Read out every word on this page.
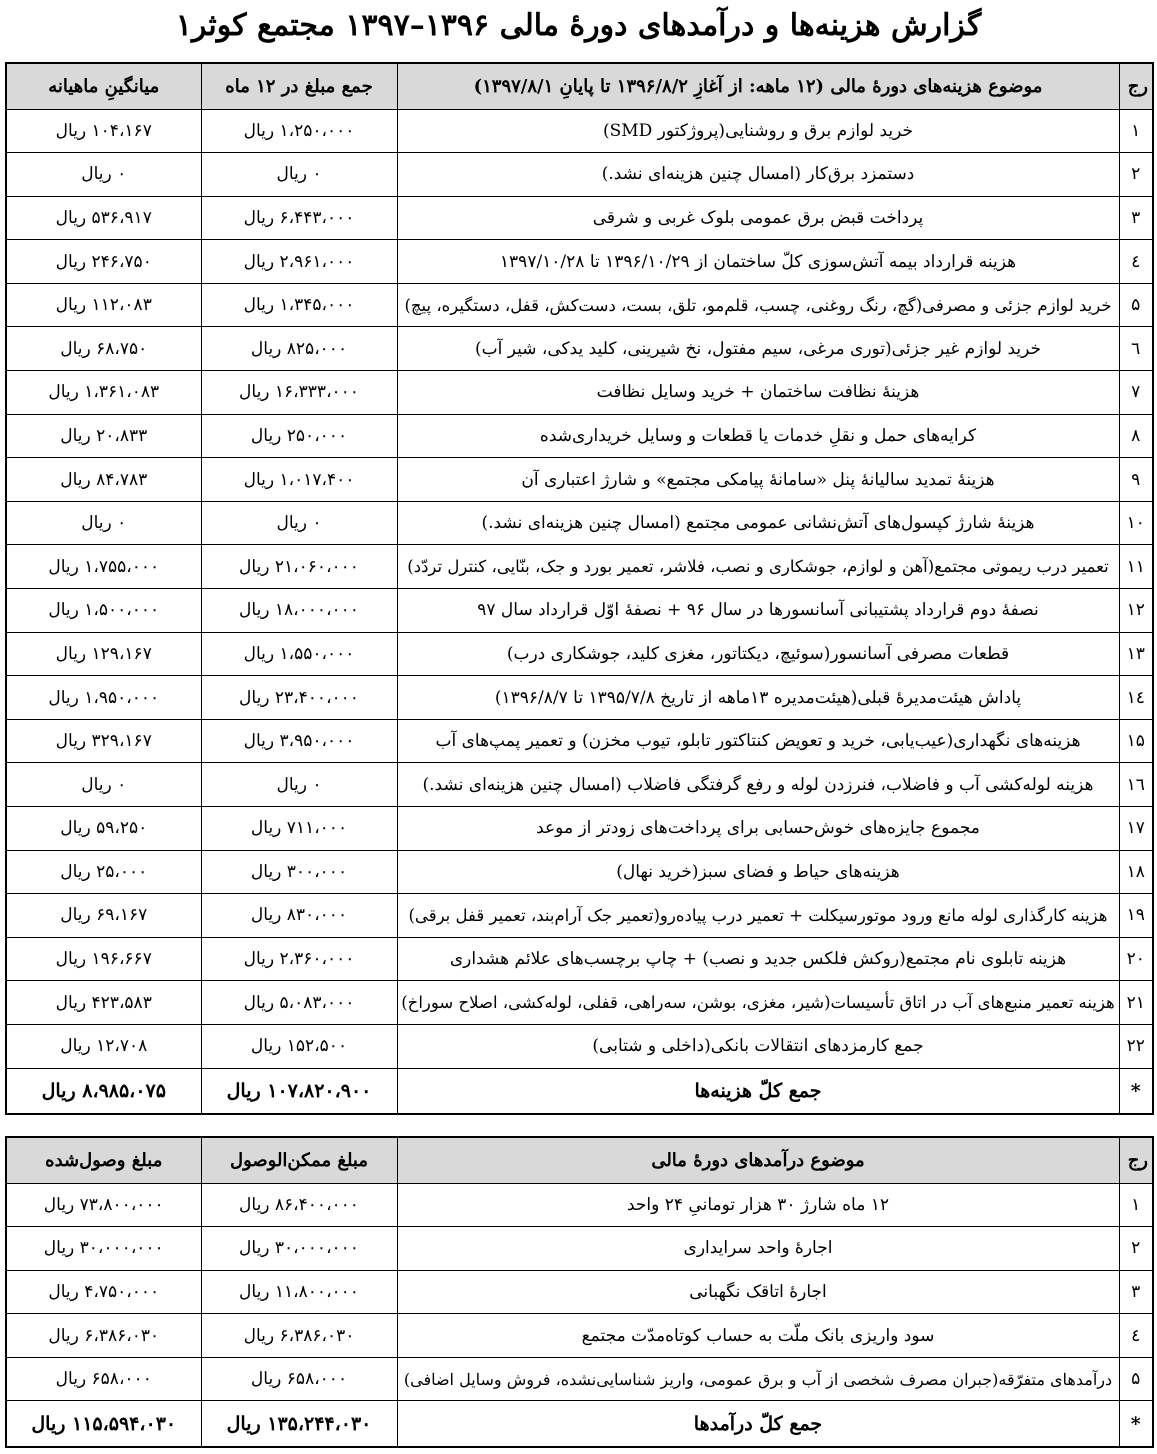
گزارش هزینه‌ها و درآمدهای دورهٔ مالی ۱۳۹۶–۱۳۹۷ مجتمع کوثر۱
رج	موضوع هزینه‌های دورهٔ مالی (۱۲ ماهه: از آغازِ ۱۳۹۶/۸/۲ تا پایانِ ۱۳۹۷/۸/۱)	جمع مبلغ در ۱۲ ماه	میانگینِ ماهیانه
۱	خرید لوازم برق و روشنایی(پروژکتور SMD)	۱،۲۵۰،۰۰۰ ریال	۱۰۴،۱۶۷ ریال
۲	دستمزد برق‌کار (امسال چنین هزینه‌ای نشد.)	۰ ریال	۰ ریال
۳	پرداخت قبض برق عمومی بلوک غربی و شرقی	۶،۴۴۳،۰۰۰ ریال	۵۳۶،۹۱۷ ریال
٤	هزینه قرارداد بیمه آتش‌سوزی کلّ ساختمان از ۱۳۹۶/۱۰/۲۹ تا ۱۳۹۷/۱۰/۲۸	۲،۹۶۱،۰۰۰ ریال	۲۴۶،۷۵۰ ریال
۵	خرید لوازم جزئی و مصرفی(گچ، رنگ روغنی، چسب، قلم‌مو، تلق، بست، دست‌کش، قفل، دستگیره، پیچ)	۱،۳۴۵،۰۰۰ ریال	۱۱۲،۰۸۳ ریال
٦	خرید لوازم غیر جزئی(توری مرغی، سیم مفتول، نخ شیرینی، کلید یدکی، شیر آب)	۸۲۵،۰۰۰ ریال	۶۸،۷۵۰ ریال
۷	هزینهٔ نظافت ساختمان + خرید وسایل نظافت	۱۶،۳۳۳،۰۰۰ ریال	۱،۳۶۱،۰۸۳ ریال
۸	کرایه‌های حمل و نقلِ خدمات یا قطعات و وسایل خریداری‌شده	۲۵۰،۰۰۰ ریال	۲۰،۸۳۳ ریال
۹	هزینهٔ تمدید سالیانهٔ پنل «سامانهٔ پیامکی مجتمع» و شارژ اعتباری آن	۱،۰۱۷،۴۰۰ ریال	۸۴،۷۸۳ ریال
۱۰	هزینهٔ شارژ کپسول‌های آتش‌نشانی عمومی مجتمع (امسال چنین هزینه‌ای نشد.)	۰ ریال	۰ ریال
۱۱	تعمیر درب ریموتی مجتمع(آهن و لوازم، جوشکاری و نصب، فلاشر، تعمیر بورد و جک، بنّایی، کنترل تردّد)	۲۱،۰۶۰،۰۰۰ ریال	۱،۷۵۵،۰۰۰ ریال
۱۲	نصفهٔ دوم قرارداد پشتیبانی آسانسورها در سال ۹۶ + نصفهٔ اوّل قرارداد سال ۹۷	۱۸،۰۰۰،۰۰۰ ریال	۱،۵۰۰،۰۰۰ ریال
۱۳	قطعات مصرفی آسانسور(سوئیچ، دیکتاتور، مغزی کلید، جوشکاری درب)	۱،۵۵۰،۰۰۰ ریال	۱۲۹،۱۶۷ ریال
۱٤	پاداش هیئت‌مدیرهٔ قبلی(هیئت‌مدیره ۱۳ماهه از تاریخ ۱۳۹۵/۷/۸ تا ۱۳۹۶/۸/۷)	۲۳،۴۰۰،۰۰۰ ریال	۱،۹۵۰،۰۰۰ ریال
۱۵	هزینه‌های نگهداری(عیب‌یابی، خرید و تعویض کنتاکتور تابلو، تیوب مخزن) و تعمیر پمپ‌های آب	۳،۹۵۰،۰۰۰ ریال	۳۲۹،۱۶۷ ریال
۱٦	هزینه لوله‌کشی آب و فاضلاب، فنرزدن لوله و رفع گرفتگی فاضلاب (امسال چنین هزینه‌ای نشد.)	۰ ریال	۰ ریال
۱۷	مجموع جایزه‌های خوش‌حسابی برای پرداخت‌های زودتر از موعد	۷۱۱،۰۰۰ ریال	۵۹،۲۵۰ ریال
۱۸	هزینه‌های حیاط و فضای سبز(خرید نهال)	۳۰۰،۰۰۰ ریال	۲۵،۰۰۰ ریال
۱۹	هزینه کارگذاری لوله مانع ورود موتورسیکلت + تعمیر درب پیاده‌رو(تعمیر جک آرام‌بند، تعمیر قفل برقی)	۸۳۰،۰۰۰ ریال	۶۹،۱۶۷ ریال
۲۰	هزینه تابلوی نام مجتمع(روکش فلکس جدید و نصب) + چاپ برچسب‌های علائم هشداری	۲،۳۶۰،۰۰۰ ریال	۱۹۶،۶۶۷ ریال
۲۱	هزینه تعمیر منبع‌های آب در اتاق تأسیسات(شیر، مغزی، بوشن، سه‌راهی، قفلی، لوله‌کشی، اصلاح سوراخ)	۵،۰۸۳،۰۰۰ ریال	۴۲۳،۵۸۳ ریال
۲۲	جمع کارمزدهای انتقالات بانکی(داخلی و شتابی)	۱۵۲،۵۰۰ ریال	۱۲،۷۰۸ ریال
*	جمع کلّ هزینه‌ها	۱۰۷،۸۲۰،۹۰۰ ریال	۸،۹۸۵،۰۷۵ ریال
رج	موضوع درآمدهای دورهٔ مالی	مبلغ ممکن‌الوصول	مبلغ وصول‌شده
۱	۱۲ ماه شارژ ۳۰ هزار تومانیِ ۲۴ واحد	۸۶،۴۰۰،۰۰۰ ریال	۷۳،۸۰۰،۰۰۰ ریال
۲	اجارهٔ واحد سرایداری	۳۰،۰۰۰،۰۰۰ ریال	۳۰،۰۰۰،۰۰۰ ریال
۳	اجارهٔ اتاقک نگهبانی	۱۱،۸۰۰،۰۰۰ ریال	۴،۷۵۰،۰۰۰ ریال
٤	سود واریزی بانک ملّت به حساب کوتاه‌مدّت مجتمع	۶،۳۸۶،۰۳۰ ریال	۶،۳۸۶،۰۳۰ ریال
۵	درآمدهای متفرّقه(جبران مصرف شخصی از آب و برق عمومی، واریز شناسایی‌نشده، فروش وسایل اضافی)	۶۵۸،۰۰۰ ریال	۶۵۸،۰۰۰ ریال
*	جمع کلّ درآمدها	۱۳۵،۲۴۴،۰۳۰ ریال	۱۱۵،۵۹۴،۰۳۰ ریال
